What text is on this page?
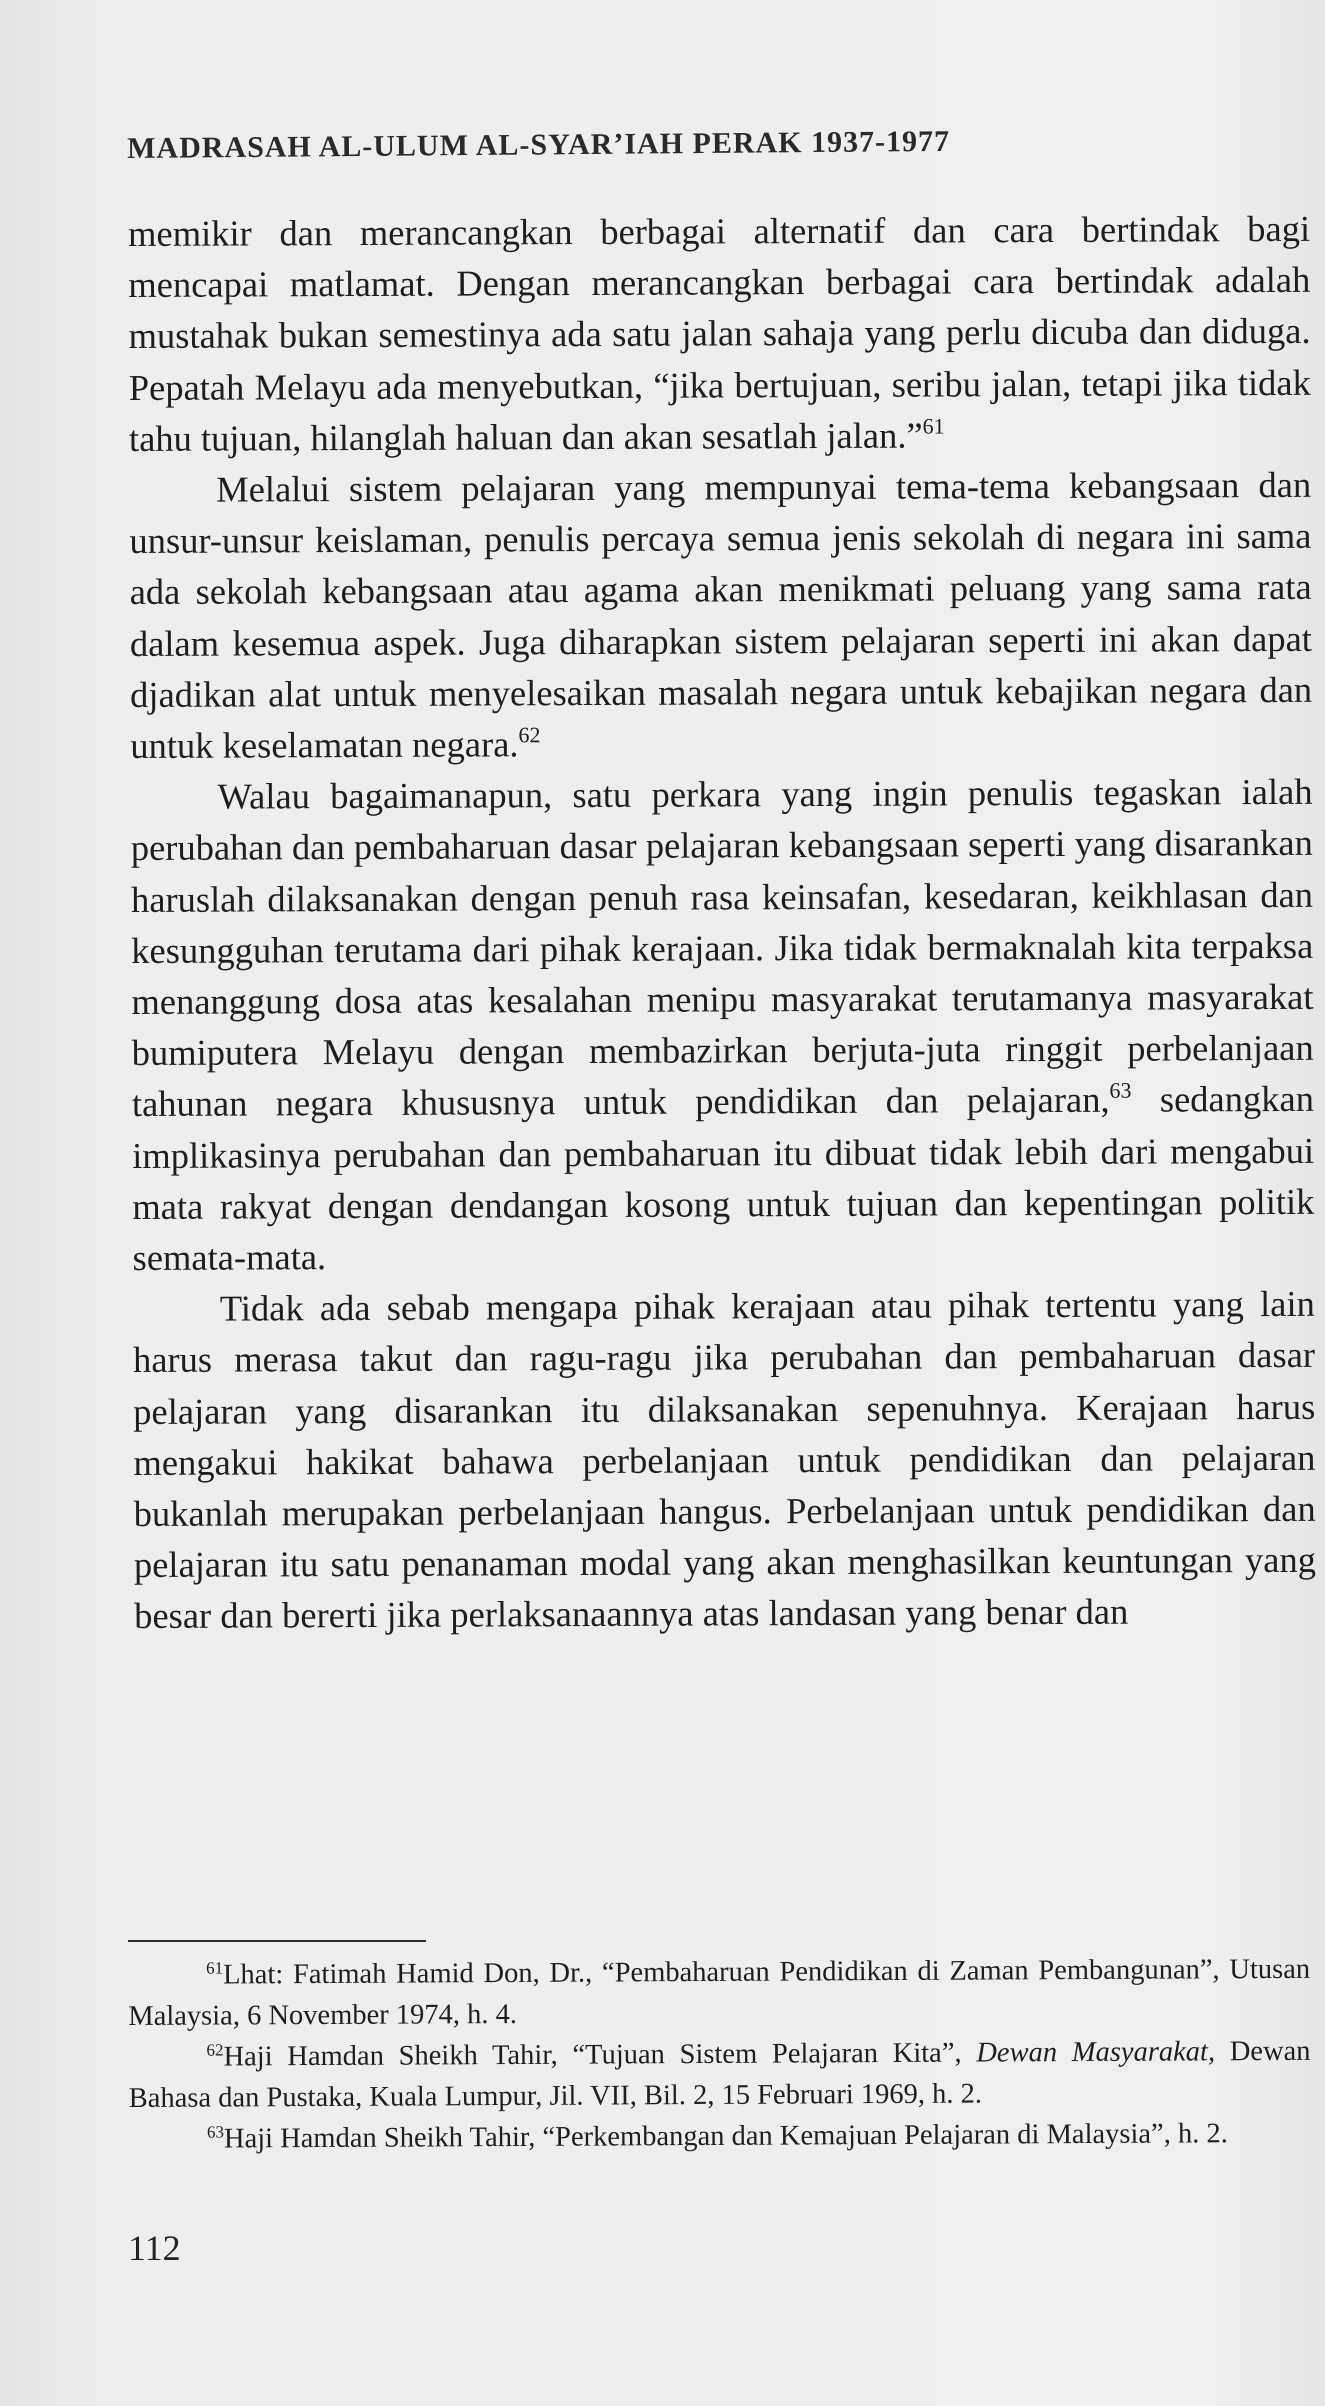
MADRASAH AL-ULUM AL-SYAR’IAH PERAK 1937-1977

memikir dan merancangkan berbagai alternatif dan cara bertindak bagi mencapai matlamat. Dengan merancangkan berbagai cara bertindak adalah mustahak bukan semestinya ada satu jalan sahaja yang perlu dicuba dan diduga. Pepatah Melayu ada menyebutkan, “jika bertujuan, seribu jalan, tetapi jika tidak tahu tujuan, hilanglah haluan dan akan sesatlah jalan.”$^{61}$

Melalui sistem pelajaran yang mempunyai tema-tema kebangsaan dan unsur-unsur keislaman, penulis percaya semua jenis sekolah di negara ini sama ada sekolah kebangsaan atau agama akan menikmati peluang yang sama rata dalam kesemua aspek. Juga diharapkan sistem pelajaran seperti ini akan dapat djadikan alat untuk menyelesaikan masalah negara untuk kebajikan negara dan untuk keselamatan negara.$^{62}$

Walau bagaimanapun, satu perkara yang ingin penulis tegaskan ialah perubahan dan pembaharuan dasar pelajaran kebangsaan seperti yang disarankan haruslah dilaksanakan dengan penuh rasa keinsafan, kesedaran, keikhlasan dan kesungguhan terutama dari pihak kerajaan. Jika tidak bermaknalah kita terpaksa menanggung dosa atas kesalahan menipu masyarakat terutamanya masyarakat bumiputera Melayu dengan membazirkan berjuta-juta ringgit perbelanjaan tahunan negara khususnya untuk pendidikan dan pelajaran,$^{63}$ sedangkan implikasinya perubahan dan pembaharuan itu dibuat tidak lebih dari mengabui mata rakyat dengan dendangan kosong untuk tujuan dan kepentingan politik semata-mata.

Tidak ada sebab mengapa pihak kerajaan atau pihak tertentu yang lain harus merasa takut dan ragu-ragu jika perubahan dan pembaharuan dasar pelajaran yang disarankan itu dilaksanakan sepenuhnya. Kerajaan harus mengakui hakikat bahawa perbelanjaan untuk pendidikan dan pelajaran bukanlah merupakan perbelanjaan hangus. Perbelanjaan untuk pendidikan dan pelajaran itu satu penanaman modal yang akan menghasilkan keuntungan yang besar dan bererti jika perlaksanaannya atas landasan yang benar dan

$^{61}$Lhat: Fatimah Hamid Don, Dr., “Pembaharuan Pendidikan di Zaman Pembangunan”, Utusan Malaysia, 6 November 1974, h. 4.

$^{62}$Haji Hamdan Sheikh Tahir, “Tujuan Sistem Pelajaran Kita”, Dewan Masyarakat, Dewan Bahasa dan Pustaka, Kuala Lumpur, Jil. VII, Bil. 2, 15 Februari 1969, h. 2.

$^{63}$Haji Hamdan Sheikh Tahir, “Perkembangan dan Kemajuan Pelajaran di Malaysia”, h. 2.

112
